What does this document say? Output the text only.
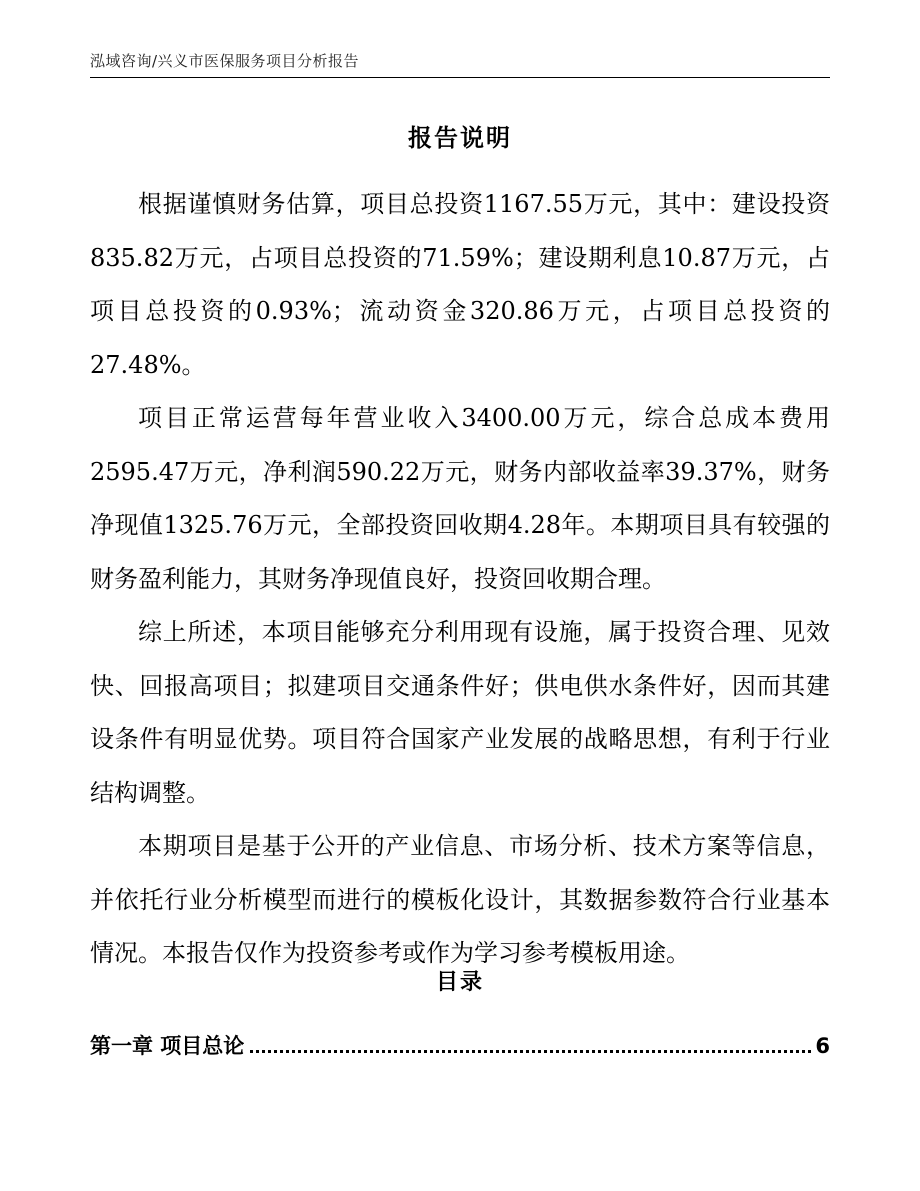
泓域咨询/兴义市医保服务项目分析报告
报告说明

根据谨慎财务估算，项目总投资1167.55万元，其中：建设投资835.82万元，占项目总投资的71.59%；建设期利息10.87万元，占项目总投资的0.93%；流动资金320.86万元，占项目总投资的27.48%。

项目正常运营每年营业收入3400.00万元，综合总成本费用2595.47万元，净利润590.22万元，财务内部收益率39.37%，财务净现值1325.76万元，全部投资回收期4.28年。本期项目具有较强的财务盈利能力，其财务净现值良好，投资回收期合理。

综上所述，本项目能够充分利用现有设施，属于投资合理、见效快、回报高项目；拟建项目交通条件好；供电供水条件好，因而其建设条件有明显优势。项目符合国家产业发展的战略思想，有利于行业结构调整。

本期项目是基于公开的产业信息、市场分析、技术方案等信息，并依托行业分析模型而进行的模板化设计，其数据参数符合行业基本情况。本报告仅作为投资参考或作为学习参考模板用途。

目录
第一章 项目总论	6
